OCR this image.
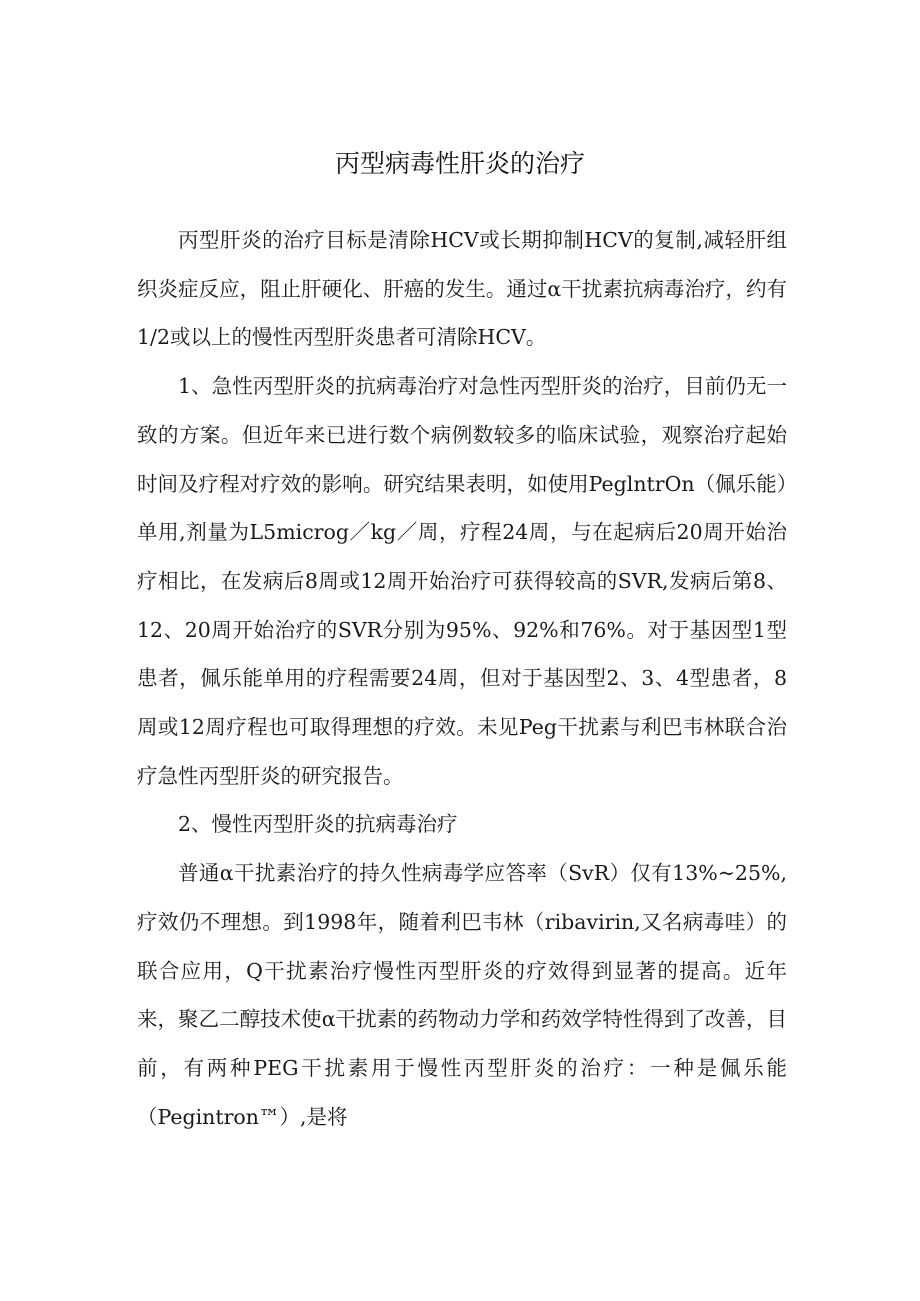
丙型病毒性肝炎的治疗

丙型肝炎的治疗目标是清除HCV或长期抑制HCV的复制,减轻肝组织炎症反应，阻止肝硬化、肝癌的发生。通过α干扰素抗病毒治疗，约有1/2或以上的慢性丙型肝炎患者可清除HCV。

1、急性丙型肝炎的抗病毒治疗对急性丙型肝炎的治疗，目前仍无一致的方案。但近年来已进行数个病例数较多的临床试验，观察治疗起始时间及疗程对疗效的影响。研究结果表明，如使用PeglntrOn（佩乐能）单用,剂量为L5microg／kg／周，疗程24周，与在起病后20周开始治疗相比，在发病后8周或12周开始治疗可获得较高的SVR,发病后第8、12、20周开始治疗的SVR分别为95%、92%和76%。对于基因型1型患者，佩乐能单用的疗程需要24周，但对于基因型2、3、4型患者，8周或12周疗程也可取得理想的疗效。未见Peg干扰素与利巴韦林联合治疗急性丙型肝炎的研究报告。

2、慢性丙型肝炎的抗病毒治疗

普通α干扰素治疗的持久性病毒学应答率（SvR）仅有13%~25%,疗效仍不理想。到1998年，随着利巴韦林（ribavirin,又名病毒哇）的联合应用，Q干扰素治疗慢性丙型肝炎的疗效得到显著的提高。近年来，聚乙二醇技术使α干扰素的药物动力学和药效学特性得到了改善，目前，有两种PEG干扰素用于慢性丙型肝炎的治疗：一种是佩乐能（Pegintron™）,是将
